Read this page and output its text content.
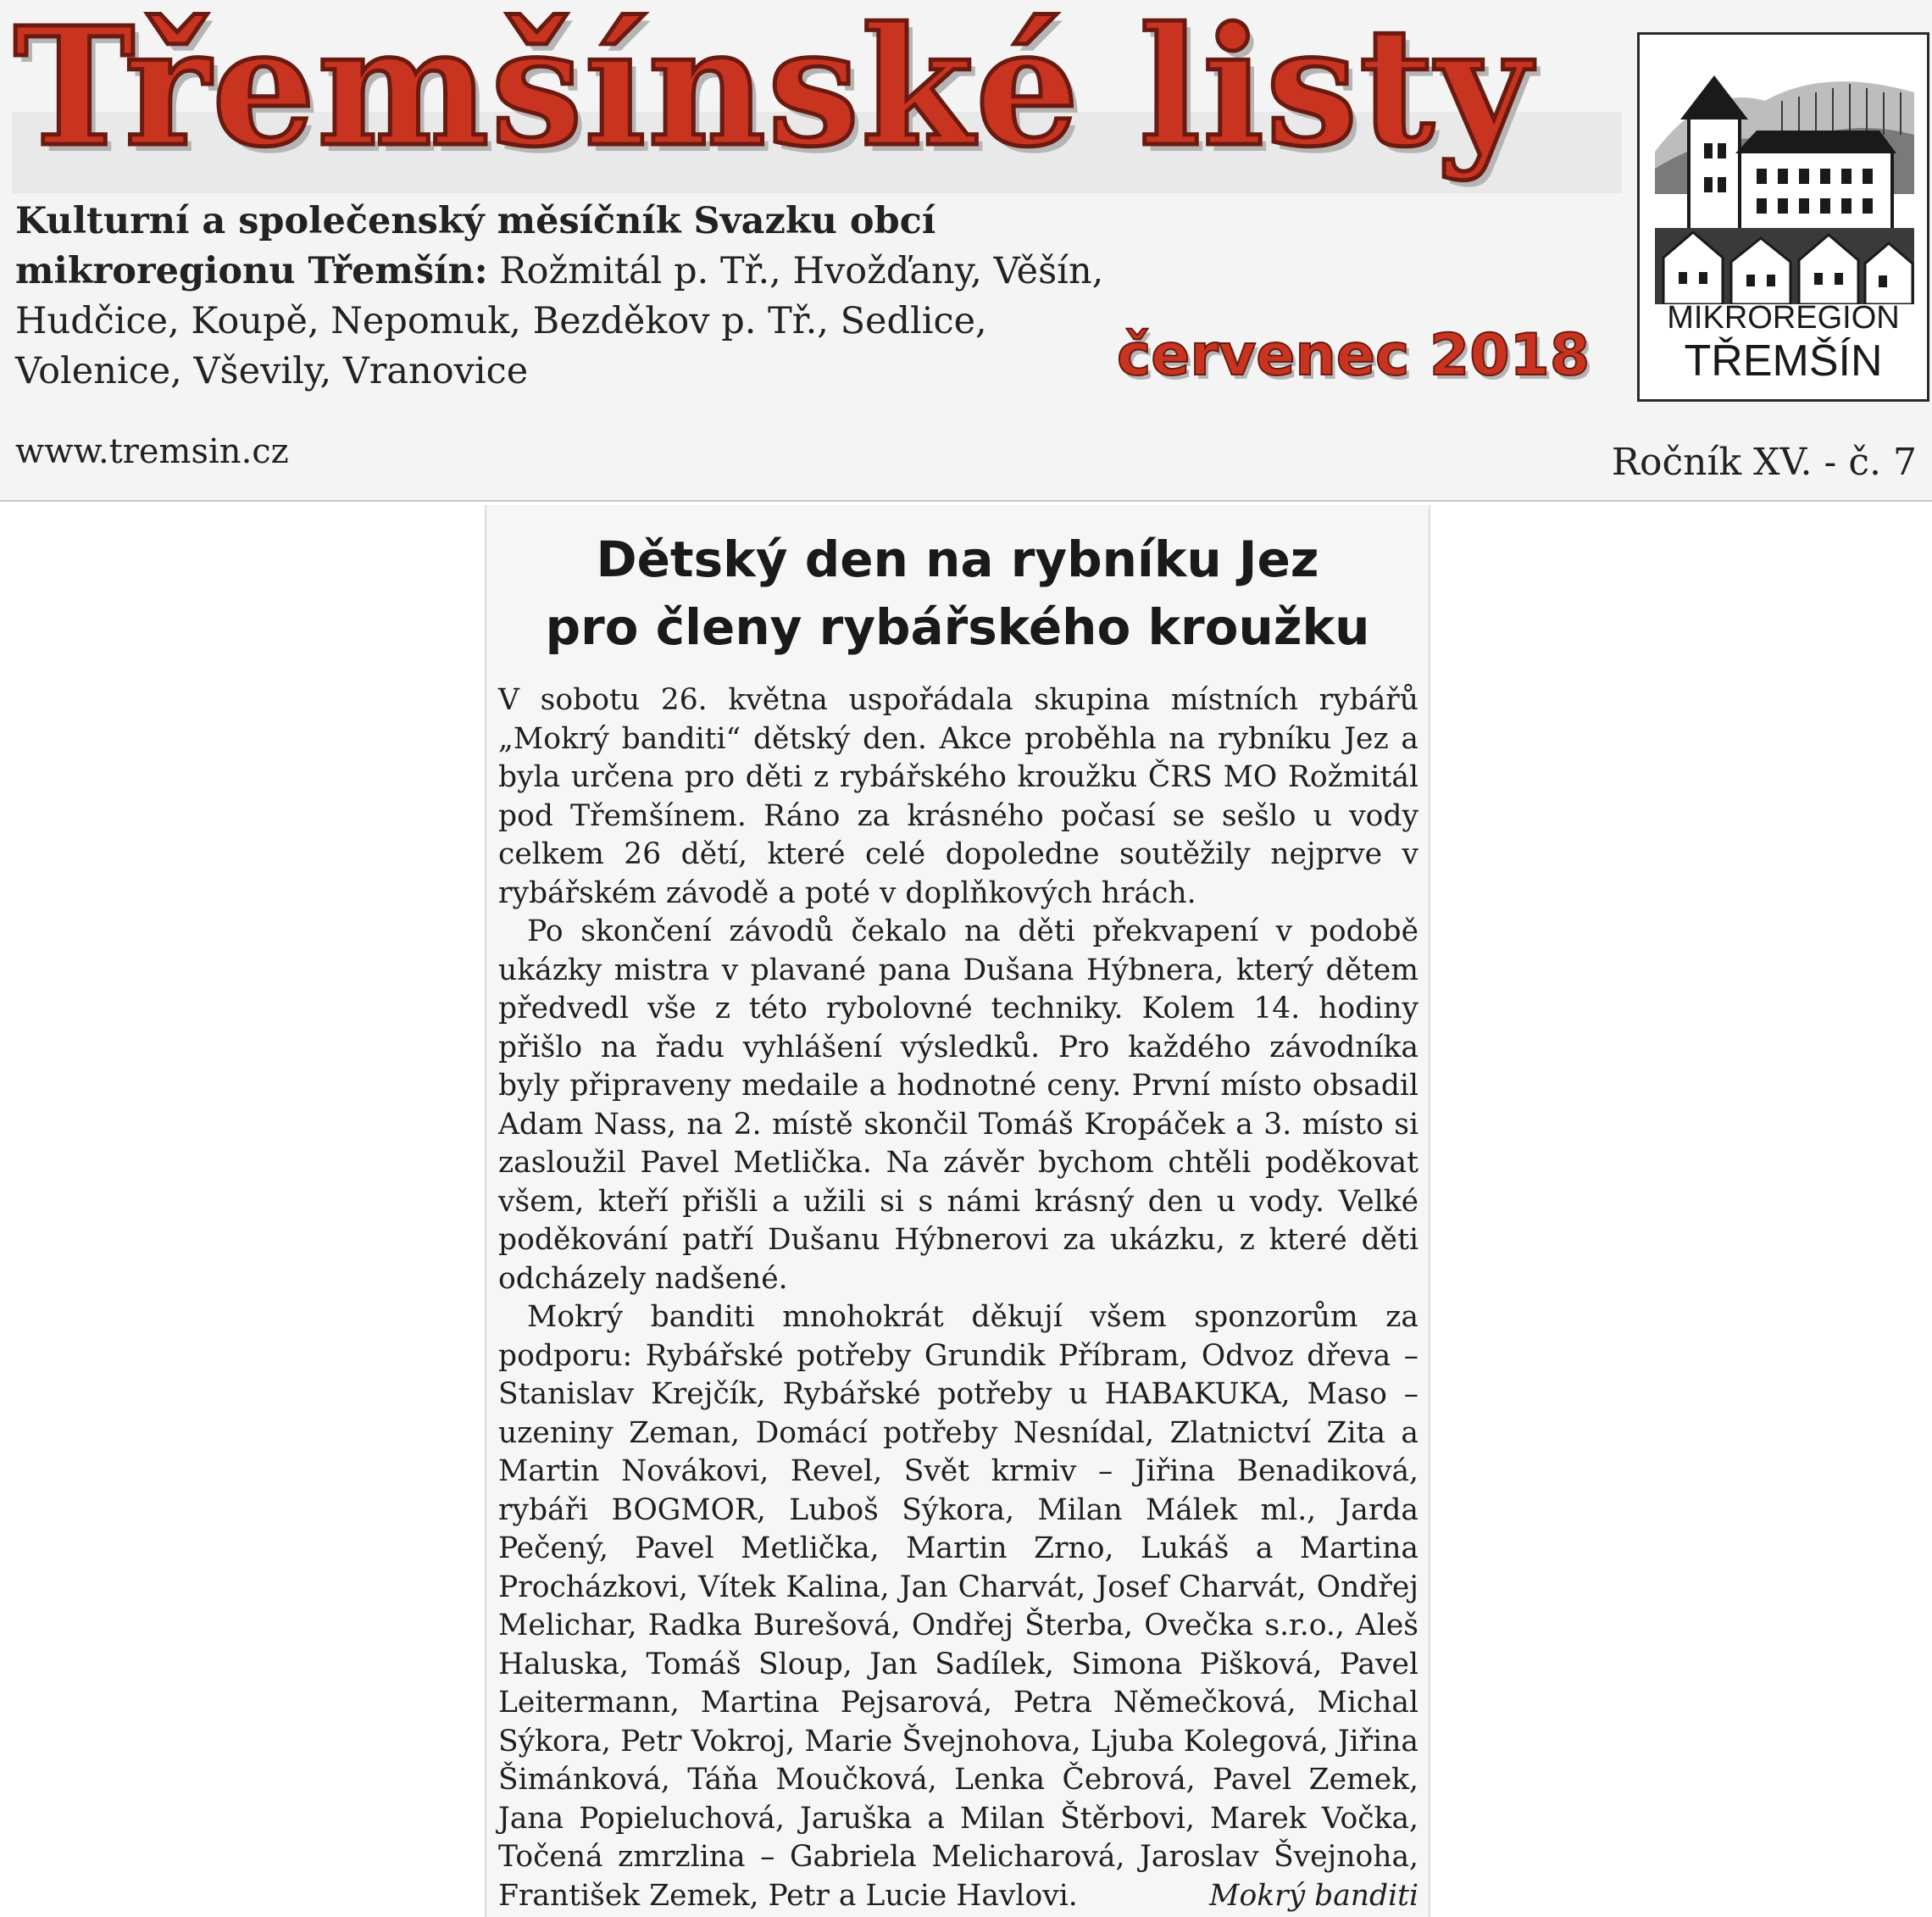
Třemšínské listy

Kulturní a společenský měsíčník Svazku obcí mikroregionu Třemšín: Rožmitál p. Tř., Hvožďany, Věšín, Hudčice, Koupě, Nepomuk, Bezděkov p. Tř., Sedlice, Volenice, Vševily, Vranovice	červenec 2018

www.tremsin.cz	Ročník XV. - č. 7

MIKROREGION

TŘEMŠÍN

Dětský den na rybníku Jez
pro členy rybářského kroužku

V sobotu 26. května uspořádala skupina místních rybářů „Mokrý banditi“ dětský den. Akce proběhla na rybníku Jez a byla určena pro děti z rybářského kroužku ČRS MO Rožmitál pod Třemšínem. Ráno za krásného počasí se sešlo u vody celkem 26 dětí, které celé dopoledne soutěžily nejprve v rybářském závodě a poté v doplňkových hrách.

Po skončení závodů čekalo na děti překvapení v podobě ukázky mistra v plavané pana Dušana Hýbnera, který dětem předvedl vše z této rybolovné techniky. Kolem 14. hodiny přišlo na řadu vyhlášení výsledků. Pro každého závodníka byly připraveny medaile a hodnotné ceny. První místo obsadil Adam Nass, na 2. místě skončil Tomáš Kropáček a 3. místo si zasloužil Pavel Metlička. Na závěr bychom chtěli poděkovat všem, kteří přišli a užili si s námi krásný den u vody. Velké poděkování patří Dušanu Hýbnerovi za ukázku, z které děti odcházely nadšené.

Mokrý banditi mnohokrát děkují všem sponzorům za podporu: Rybářské potřeby Grundik Příbram, Odvoz dřeva – Stanislav Krejčík, Rybářské potřeby u HABAKUKA, Maso – uzeniny Zeman, Domácí potřeby Nesnídal, Zlatnictví Zita a Martin Novákovi, Revel, Svět krmiv – Jiřina Benadiková, rybáři BOGMOR, Luboš Sýkora, Milan Málek ml., Jarda Pečený, Pavel Metlička, Martin Zrno, Lukáš a Martina Procházkovi, Vítek Kalina, Jan Charvát, Josef Charvát, Ondřej Melichar, Radka Burešová, Ondřej Šterba, Ovečka s.r.o., Aleš Haluska, Tomáš Sloup, Jan Sadílek, Simona Pišková, Pavel Leitermann, Martina Pejsarová, Petra Němečková, Michal Sýkora, Petr Vokroj, Marie Švejnohova, Ljuba Kolegová, Jiřina Šimánková, Táňa Moučková, Lenka Čebrová, Pavel Zemek, Jana Popieluchová, Jaruška a Milan Štěrbovi, Marek Vočka, Točená zmrzlina – Gabriela Melicharová, Jaroslav Švejnoha, František Zemek, Petr a Lucie Havlovi.	Mokrý banditi
